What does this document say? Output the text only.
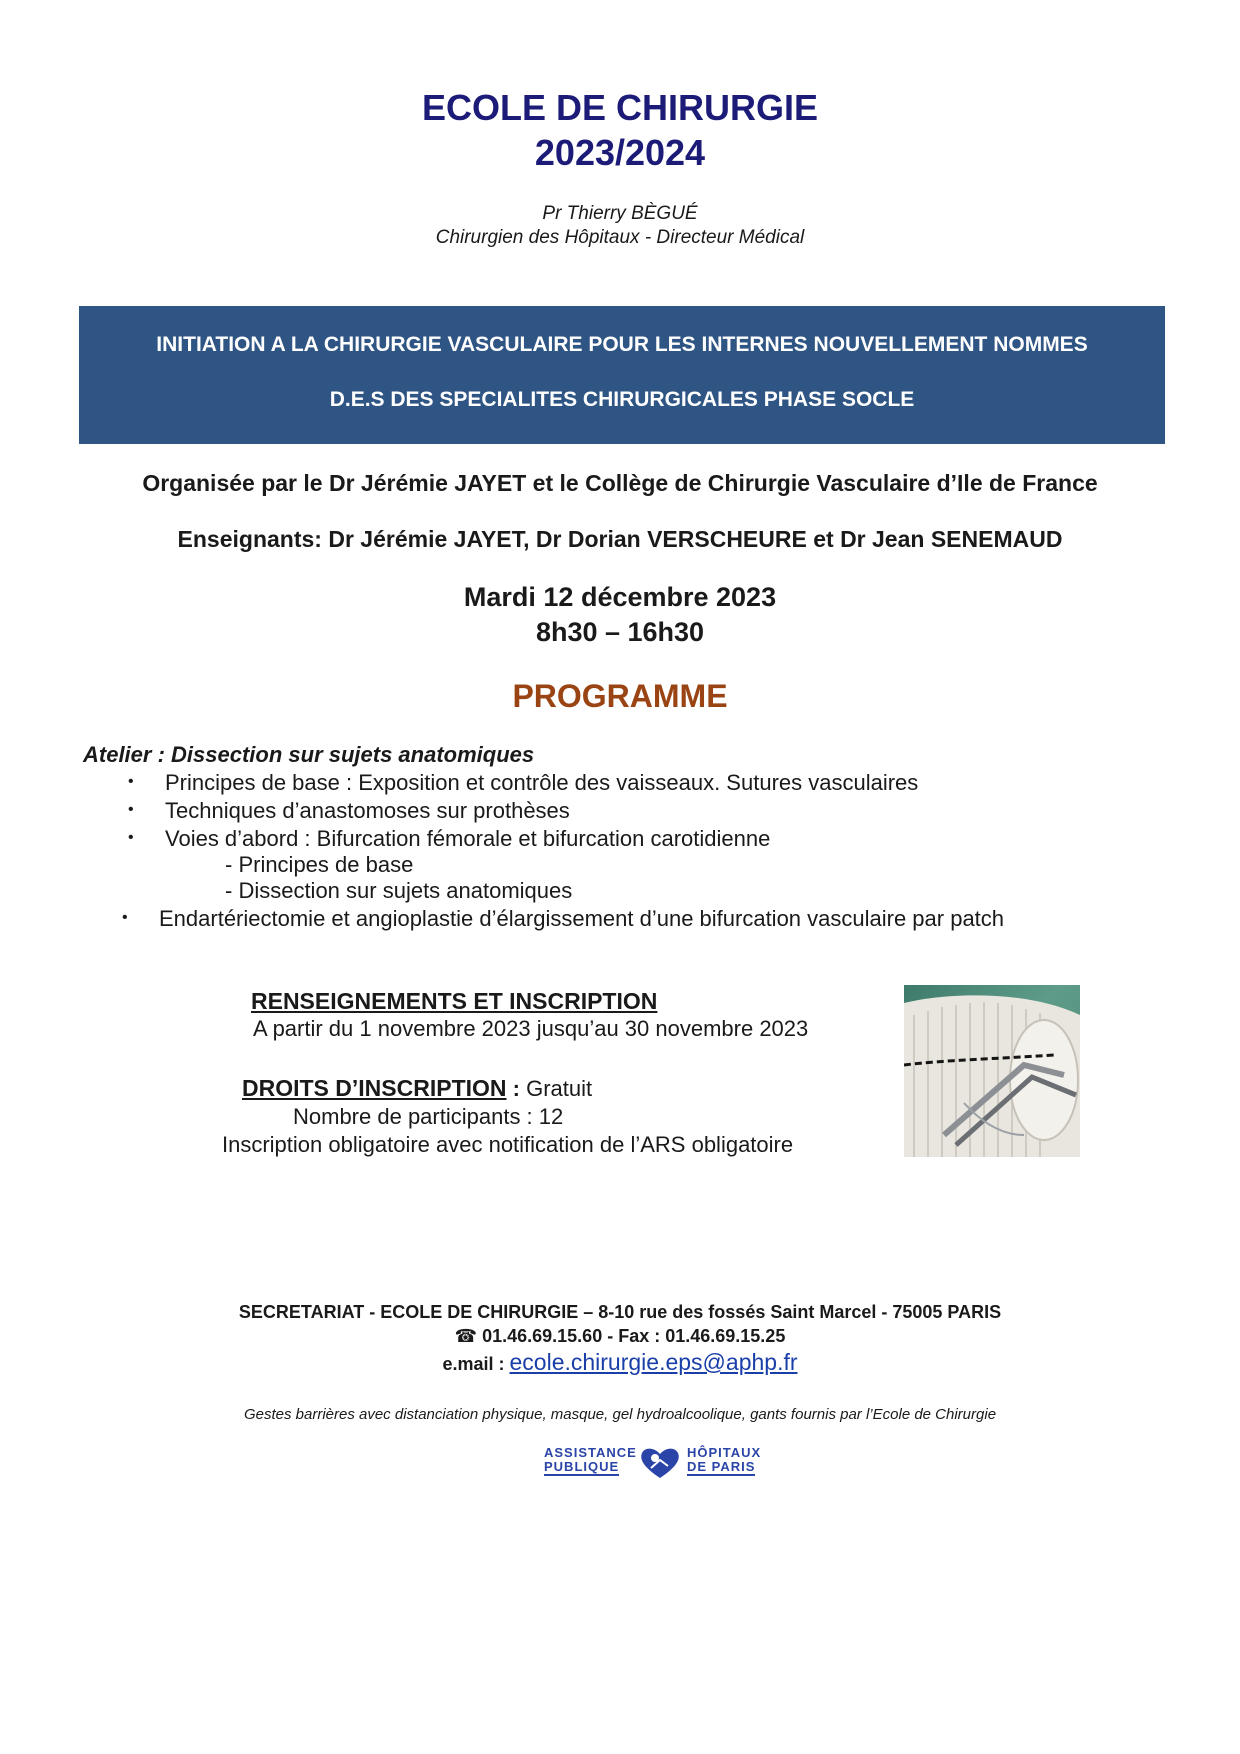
ECOLE DE CHIRURGIE
2023/2024
Pr Thierry BÈGUÉ
Chirurgien des Hôpitaux - Directeur Médical
INITIATION A LA CHIRURGIE VASCULAIRE POUR LES INTERNES NOUVELLEMENT NOMMES
D.E.S DES SPECIALITES CHIRURGICALES PHASE SOCLE
Organisée par le Dr Jérémie JAYET et le Collège de Chirurgie Vasculaire d’Ile de France
Enseignants: Dr Jérémie JAYET, Dr Dorian VERSCHEURE et Dr Jean SENEMAUD
Mardi 12 décembre 2023
8h30 – 16h30
PROGRAMME
Atelier : Dissection sur sujets anatomiques
• Principes de base : Exposition et contrôle des vaisseaux. Sutures vasculaires
• Techniques d’anastomoses sur prothèses
• Voies d’abord : Bifurcation fémorale et bifurcation carotidienne
- Principes de base
- Dissection sur sujets anatomiques
• Endartériectomie et angioplastie d’élargissement d’une bifurcation vasculaire par patch
RENSEIGNEMENTS ET INSCRIPTION
A partir du 1 novembre 2023 jusqu’au 30 novembre 2023
DROITS D’INSCRIPTION : Gratuit
Nombre de participants : 12
Inscription obligatoire avec notification de l’ARS obligatoire
SECRETARIAT - ECOLE DE CHIRURGIE – 8-10 rue des fossés Saint Marcel - 75005 PARIS
☎ 01.46.69.15.60 - Fax : 01.46.69.15.25
e.mail : ecole.chirurgie.eps@aphp.fr
Gestes barrières avec distanciation physique, masque, gel hydroalcoolique, gants fournis par l’Ecole de Chirurgie
ASSISTANCE
PUBLIQUE
HÔPITAUX
DE PARIS
